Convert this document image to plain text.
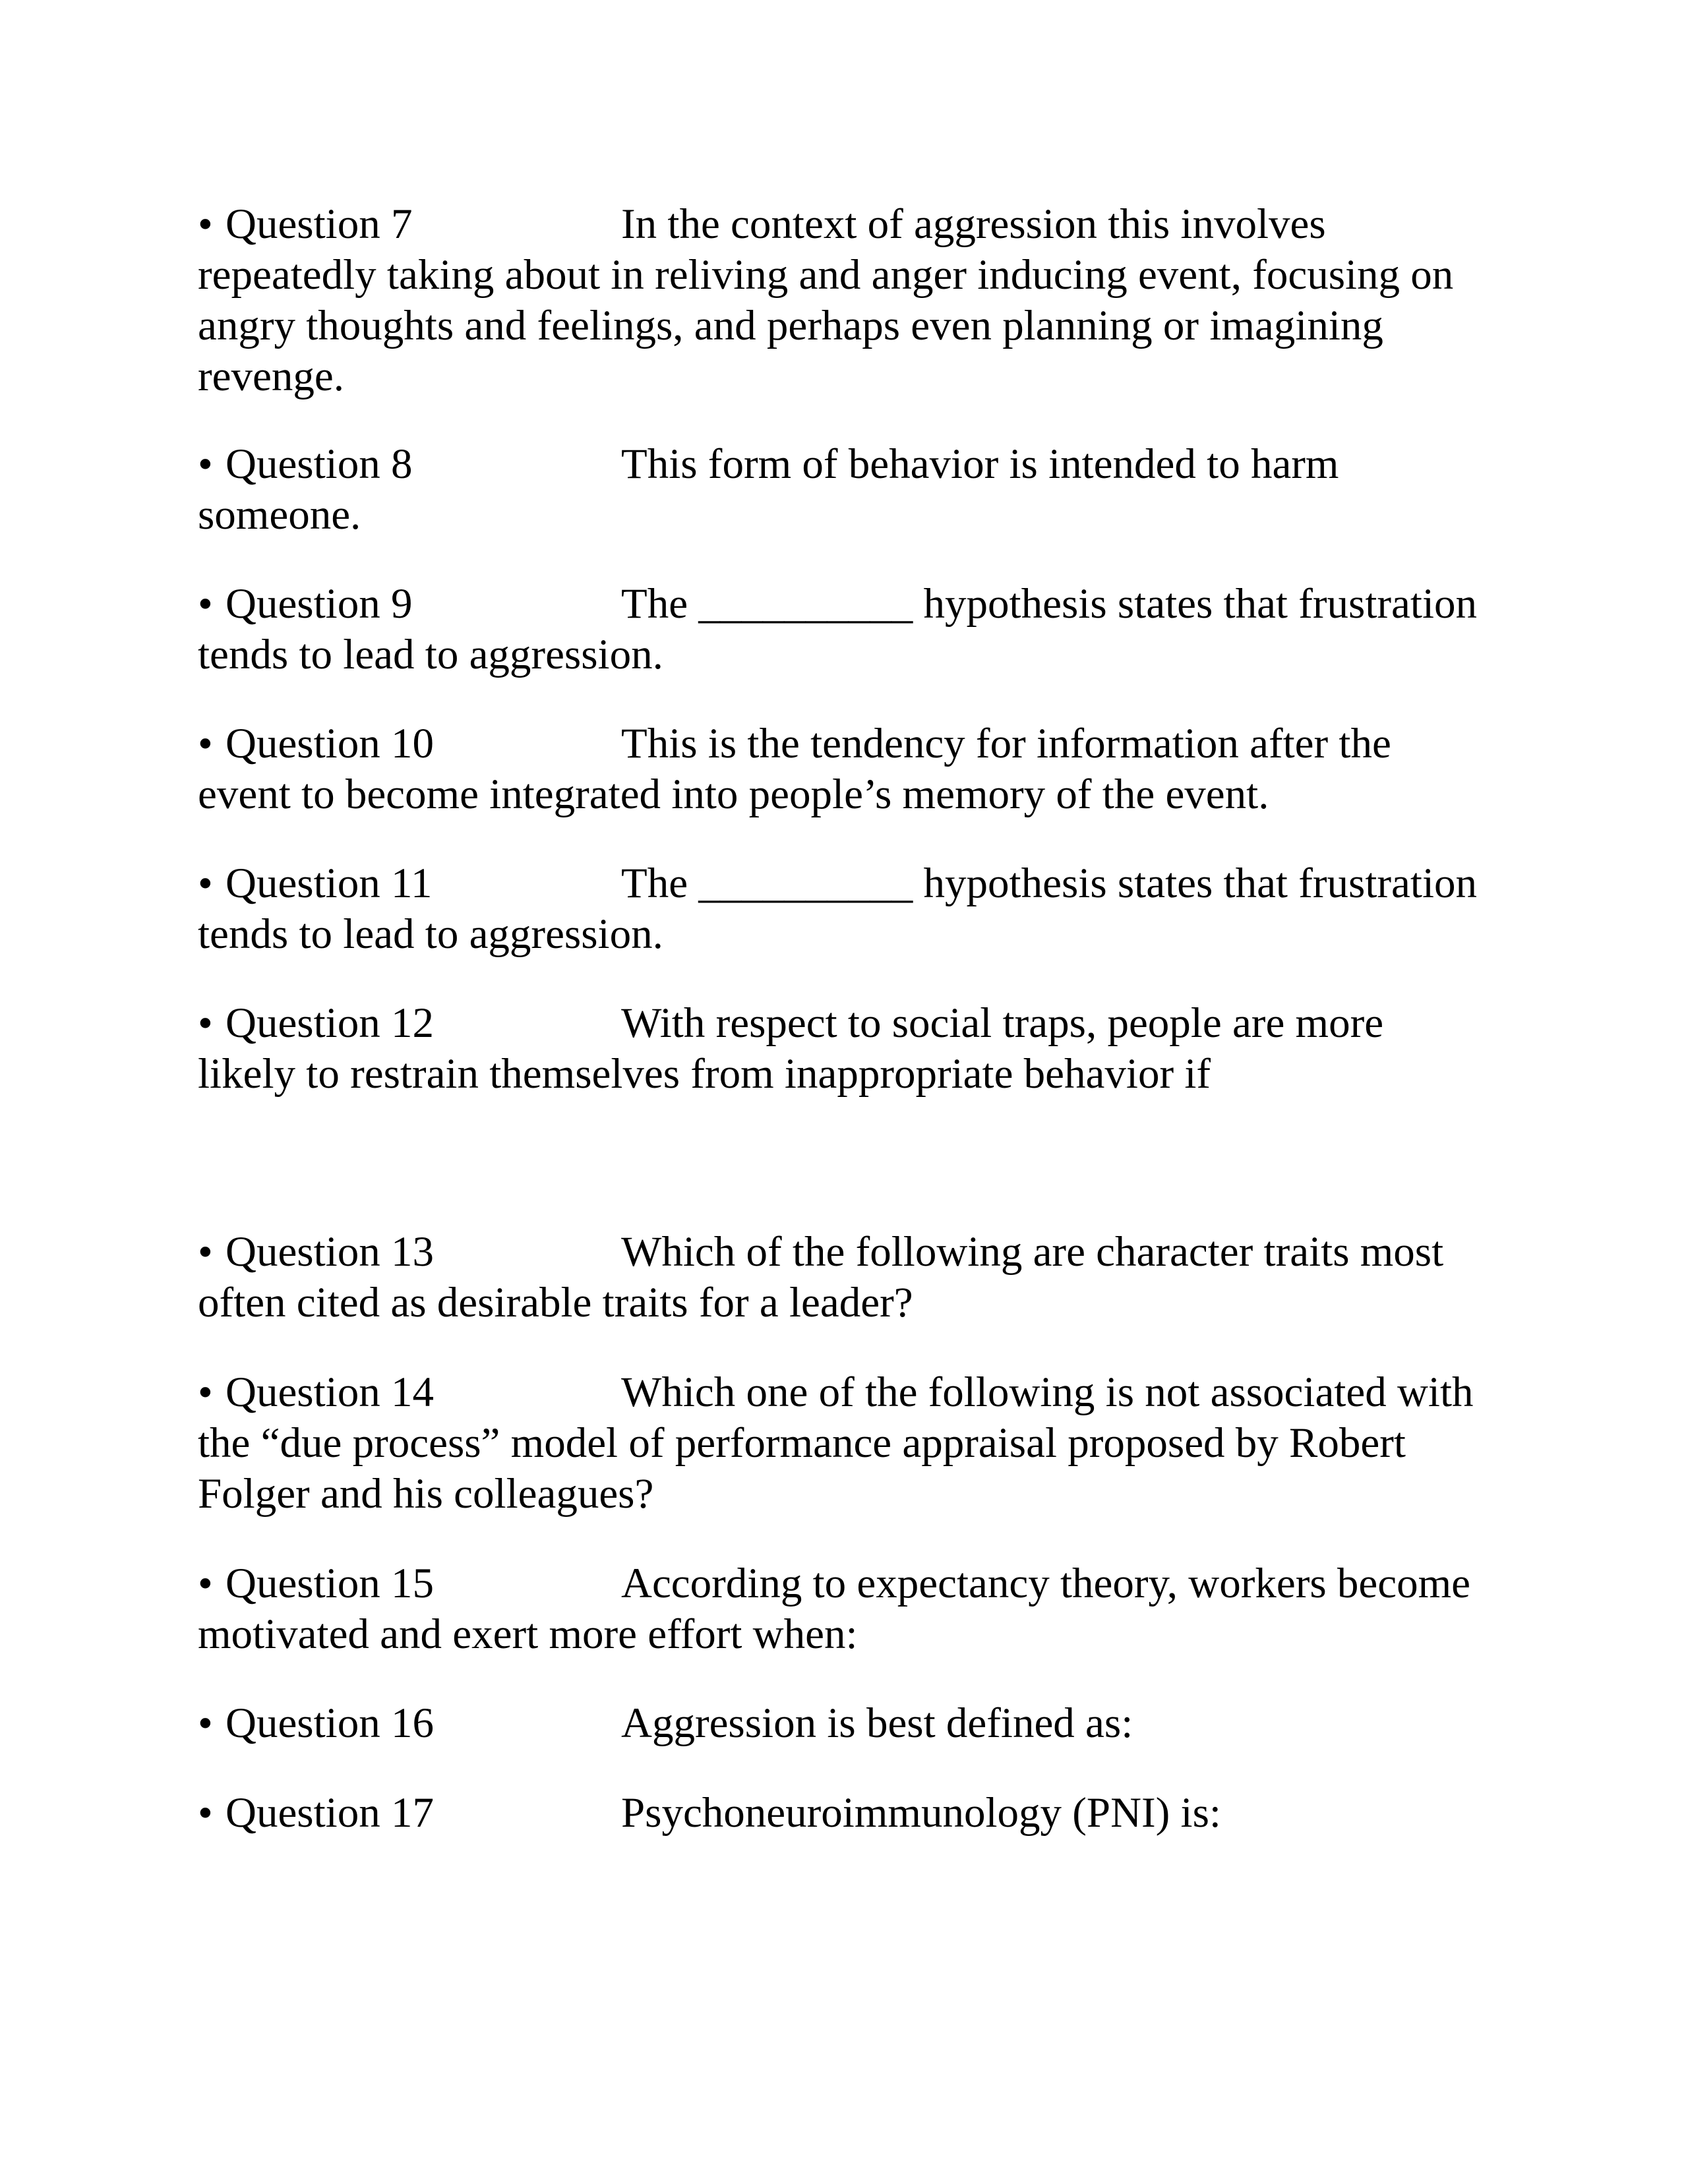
• Question 7	In the context of aggression this involves
repeatedly taking about in reliving and anger inducing event, focusing on angry thoughts and feelings, and perhaps even planning or imagining revenge.
• Question 8	This form of behavior is intended to harm
someone.
• Question 9	The __________ hypothesis states that frustration
tends to lead to aggression.
• Question 10	This is the tendency for information after the
event to become integrated into people’s memory of the event.
• Question 11	The __________ hypothesis states that frustration
tends to lead to aggression.
• Question 12	With respect to social traps, people are more
likely to restrain themselves from inappropriate behavior if
• Question 13	Which of the following are character traits most
often cited as desirable traits for a leader?
• Question 14	Which one of the following is not associated with
the “due process” model of performance appraisal proposed by Robert Folger and his colleagues?
• Question 15	According to expectancy theory, workers become
motivated and exert more effort when:
• Question 16	Aggression is best defined as:
• Question 17	Psychoneuroimmunology (PNI) is:
